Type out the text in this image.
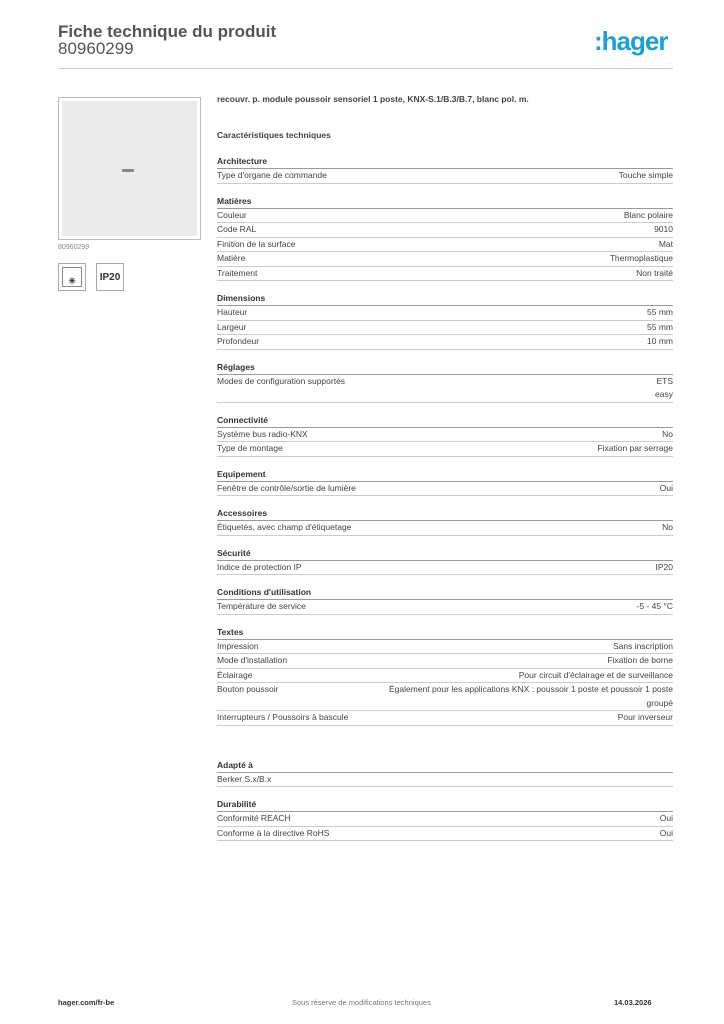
Fiche technique du produit
80960299	:hager
80960299
☀	IP20
recouvr. p. module poussoir sensoriel 1 poste, KNX-S.1/B.3/B.7, blanc pol. m.
Caractéristiques techniques
Architecture
Type d'organe de commande	Touche simple
Matières
Couleur	Blanc polaire
Code RAL	9010
Finition de la surface	Mat
Matière	Thermoplastique
Traitement	Non traité
Dimensions
Hauteur	55 mm
Largeur	55 mm
Profondeur	10 mm
Réglages
Modes de configuration supportés	ETS
easy
Connectivité
Système bus radio-KNX	No
Type de montage	Fixation par serrage
Equipement
Fenêtre de contrôle/sortie de lumière	Oui
Accessoires
Étiquetés, avec champ d'étiquetage	No
Sécurité
Indice de protection IP	IP20
Conditions d'utilisation
Température de service	-5 - 45 °C
Textes
Impression	Sans inscription
Mode d'installation	Fixation de borne
Éclairage	Pour circuit d'éclairage et de surveillance
Bouton poussoir	Également pour les applications KNX : poussoir 1 poste et poussoir 1 poste groupé
Interrupteurs / Poussoirs à bascule	Pour inverseur
Adapté à
Berker S.x/B.x
Durabilité
Conformité REACH	Oui
Conforme à la directive RoHS	Oui
hager.com/fr-be	Sous réserve de modifications techniques	14.03.2026
